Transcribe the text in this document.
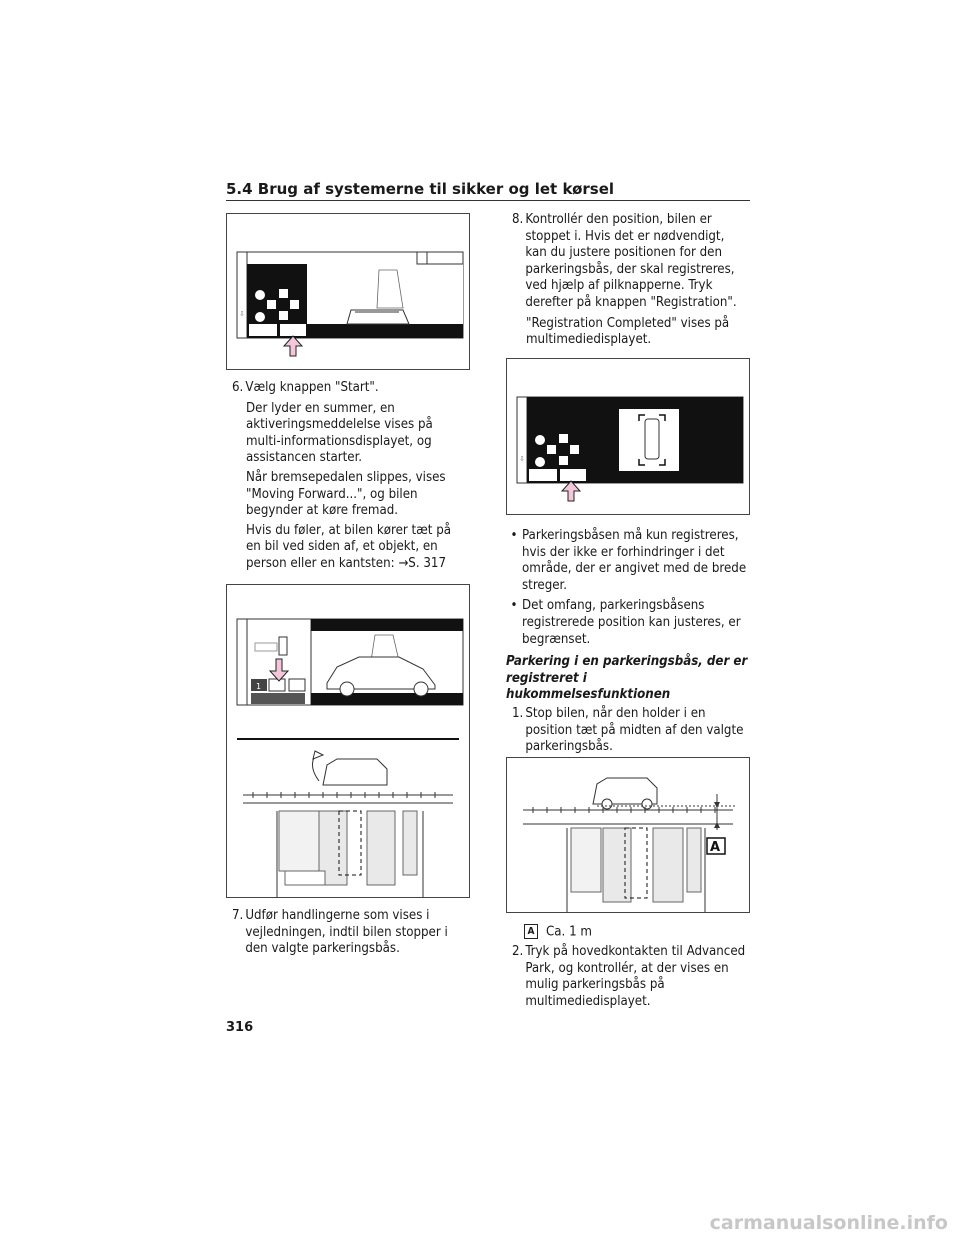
5.4 Brug af systemerne til sikker og let kørsel
⇩
6. Vælg knappen "Start".

Der lyder en summer, en aktiveringsmeddelelse vises på multi-informationsdisplayet, og assistancen starter.

Når bremsepedalen slippes, vises "Moving Forward...", og bilen begynder at køre fremad.

Hvis du føler, at bilen kører tæt på en bil ved siden af, et objekt, en person eller en kantsten: →S. 317

1
7. Udfør handlingerne som vises i vejledningen, indtil bilen stopper i den valgte parkeringsbås.
8. Kontrollér den position, bilen er stoppet i. Hvis det er nødvendigt, kan du justere positionen for den parkeringsbås, der skal registreres, ved hjælp af pilknapperne. Tryk derefter på knappen "Registration".

"Registration Completed" vises på multimediedisplayet.

⇩
• Parkeringsbåsen må kun registreres, hvis der ikke er forhindringer i det område, der er angivet med de brede streger.
• Det omfang, parkeringsbåsens registrerede position kan justeres, er begrænset.
Parkering i en parkeringsbås, der er registreret i hukommelsesfunktionen
1. Stop bilen, når den holder i en position tæt på midten af den valgte parkeringsbås.
A
A Ca. 1 m
2. Tryk på hovedkontakten til Advanced Park, og kontrollér, at der vises en mulig parkeringsbås på multimediedisplayet.
316
carmanualsonline.info
